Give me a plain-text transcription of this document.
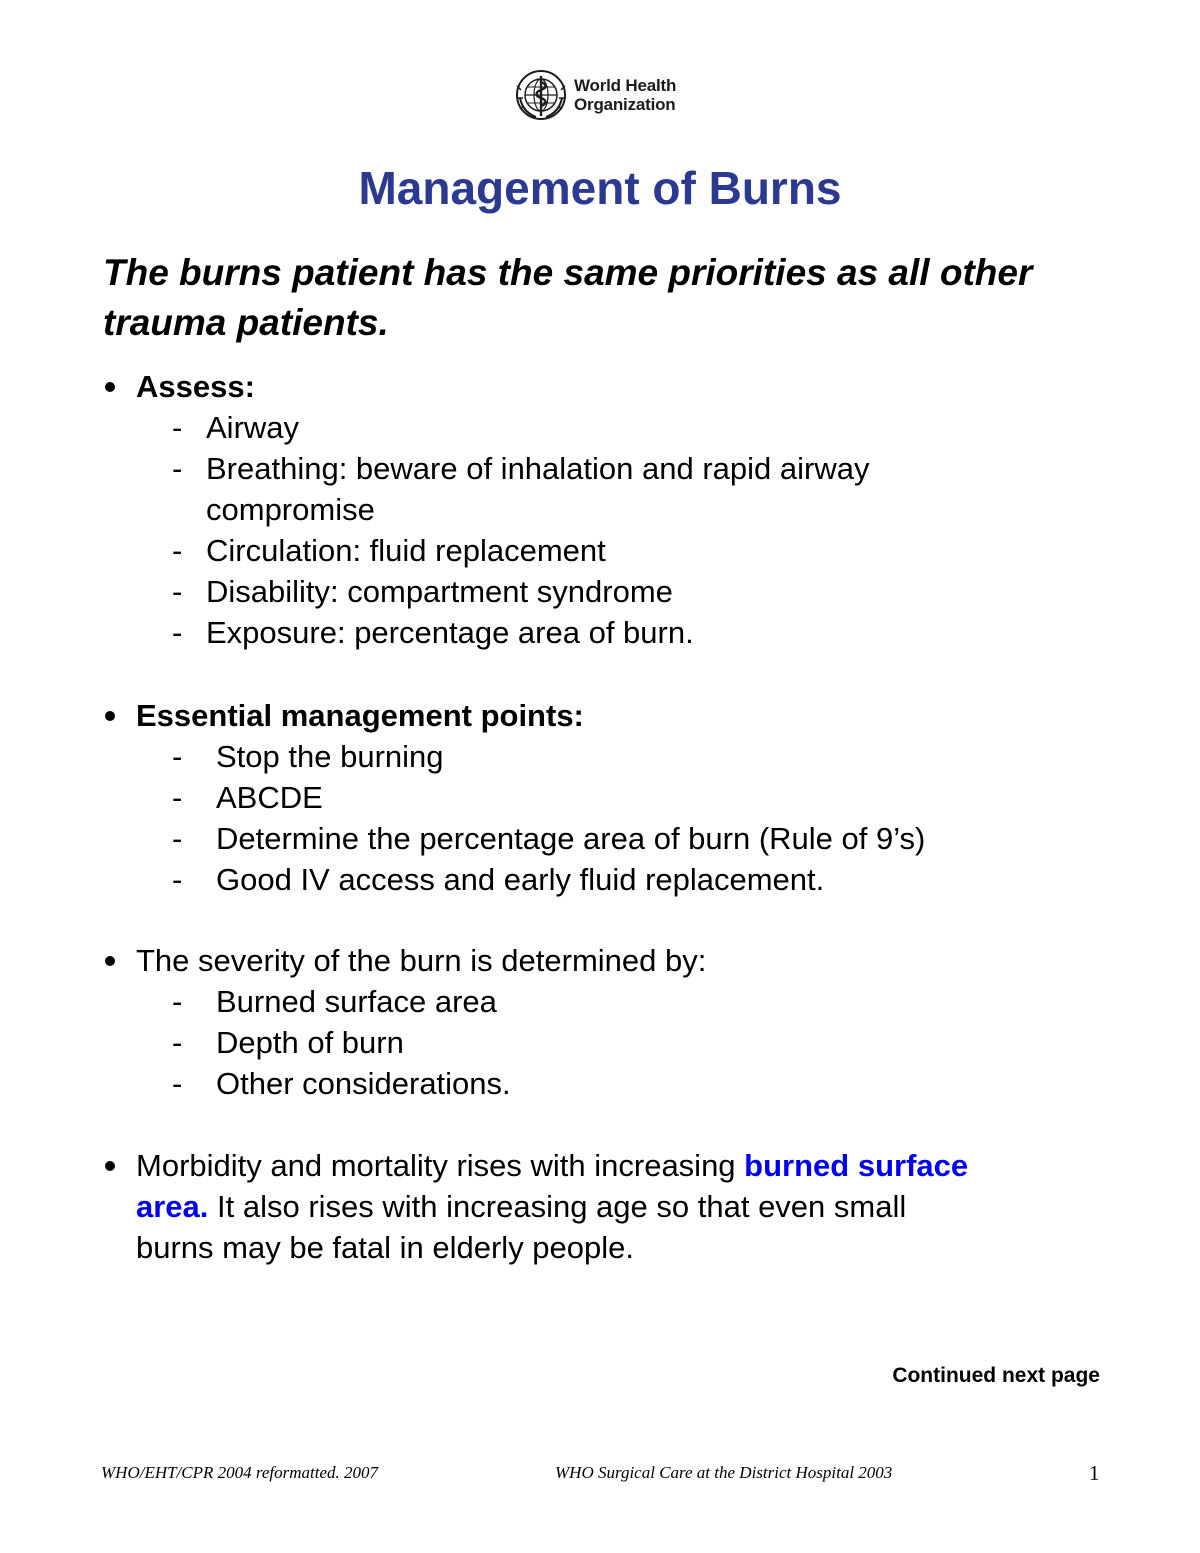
World Health
Organization
Management of Burns

The burns patient has the same priorities as all other trauma patients.

Assess:
- Airway
- Breathing: beware of inhalation and rapid airway
compromise
- Circulation: fluid replacement
- Disability: compartment syndrome
- Exposure: percentage area of burn.
Essential management points:
- Stop the burning
- ABCDE
- Determine the percentage area of burn (Rule of 9’s)
- Good IV access and early fluid replacement.
The severity of the burn is determined by:
- Burned surface area
- Depth of burn
- Other considerations.
Morbidity and mortality rises with increasing burned surface
area. It also rises with increasing age so that even small
burns may be fatal in elderly people.

Continued next page

WHO/EHT/CPR 2004 reformatted. 2007	WHO Surgical Care at the District Hospital 2003	1
